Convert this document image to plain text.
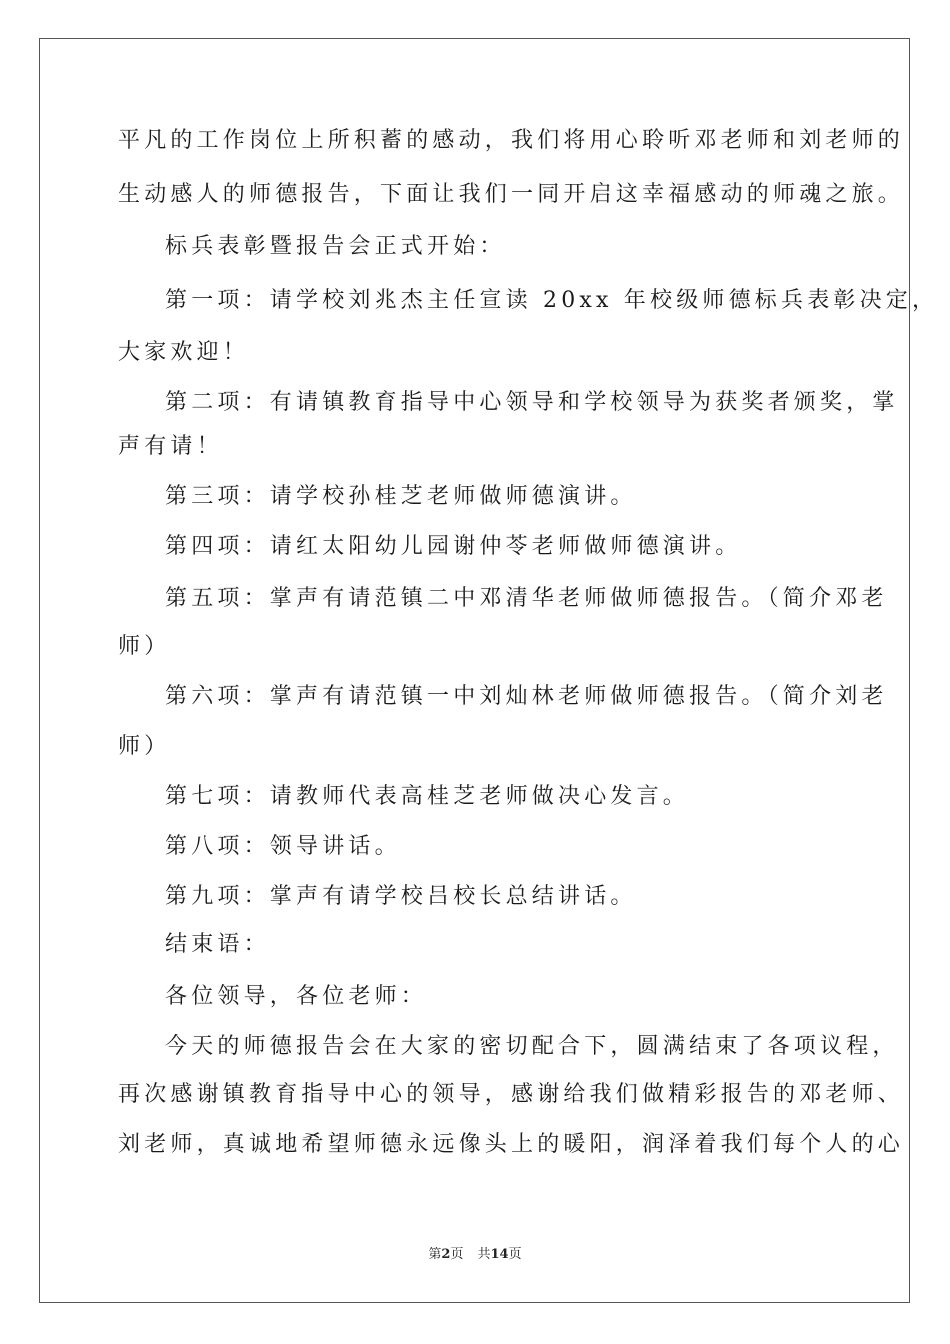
平凡的工作岗位上所积蓄的感动，我们将用心聆听邓老师和刘老师的
生动感人的师德报告，下面让我们一同开启这幸福感动的师魂之旅。
标兵表彰暨报告会正式开始：
第一项：请学校刘兆杰主任宣读 20xx 年校级师德标兵表彰决定，
大家欢迎！
第二项：有请镇教育指导中心领导和学校领导为获奖者颁奖，掌
声有请！
第三项：请学校孙桂芝老师做师德演讲。
第四项：请红太阳幼儿园谢仲苓老师做师德演讲。
第五项：掌声有请范镇二中邓清华老师做师德报告。（简介邓老
师）
第六项：掌声有请范镇一中刘灿林老师做师德报告。（简介刘老
师）
第七项：请教师代表高桂芝老师做决心发言。
第八项：领导讲话。
第九项：掌声有请学校吕校长总结讲话。
结束语：
各位领导，各位老师：
今天的师德报告会在大家的密切配合下，圆满结束了各项议程，
再次感谢镇教育指导中心的领导，感谢给我们做精彩报告的邓老师、
刘老师，真诚地希望师德永远像头上的暖阳，润泽着我们每个人的心
第2页 共14页
